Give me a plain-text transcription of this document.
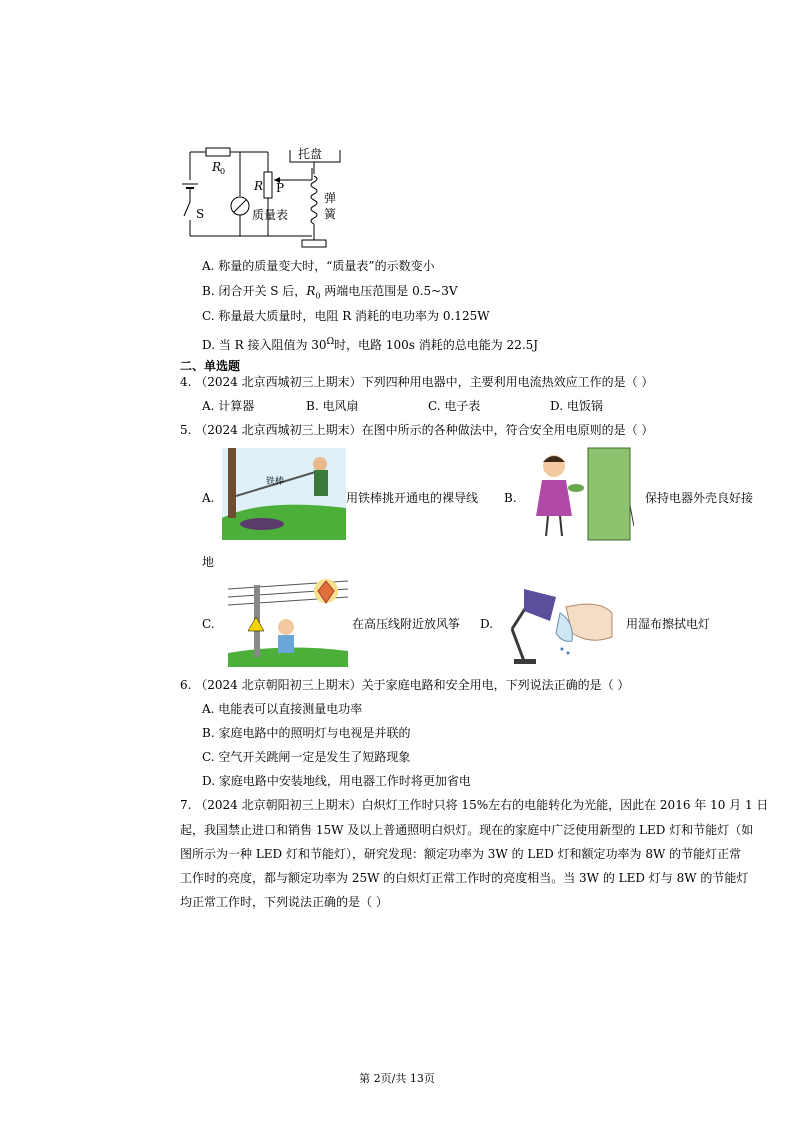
R
0
R P
S	质量表
托盘
弹
簧
A. 称量的质量变大时，“质量表”的示数变小
B. 闭合开关 S 后，$R_0$ 两端电压范围是 0.5~3V
C. 称量最大质量时，电阻 R 消耗的电功率为 0.125W
D. 当 R 接入阻值为 $30^\Omega$时，电路 100s 消耗的总电能为 22.5J
二、单选题
4. （2024 北京西城初三上期末）下列四种用电器中，主要利用电流热效应工作的是（ ）
A. 计算器	B. 电风扇	C. 电子表	D. 电饭锅
5. （2024 北京西城初三上期末）在图中所示的各种做法中，符合安全用电原则的是（ ）
A.
铁棒
用铁棒挑开通电的裸导线 B.	保持电器外壳良好接
地
C.	在高压线附近放风筝 D.	用湿布擦拭电灯
6. （2024 北京朝阳初三上期末）关于家庭电路和安全用电，下列说法正确的是（ ）
A. 电能表可以直接测量电功率
B. 家庭电路中的照明灯与电视是并联的
C. 空气开关跳闸一定是发生了短路现象
D. 家庭电路中安装地线，用电器工作时将更加省电
7. （2024 北京朝阳初三上期末）白炽灯工作时只将 15%左右的电能转化为光能，因此在 2016 年 10 月 1 日
起，我国禁止进口和销售 15W 及以上普通照明白炽灯。现在的家庭中广泛使用新型的 LED 灯和节能灯（如
图所示为一种 LED 灯和节能灯），研究发现：额定功率为 3W 的 LED 灯和额定功率为 8W 的节能灯正常
工作时的亮度，都与额定功率为 25W 的白炽灯正常工作时的亮度相当。当 3W 的 LED 灯与 8W 的节能灯
均正常工作时，下列说法正确的是（ ）
第 2页/共 13页
